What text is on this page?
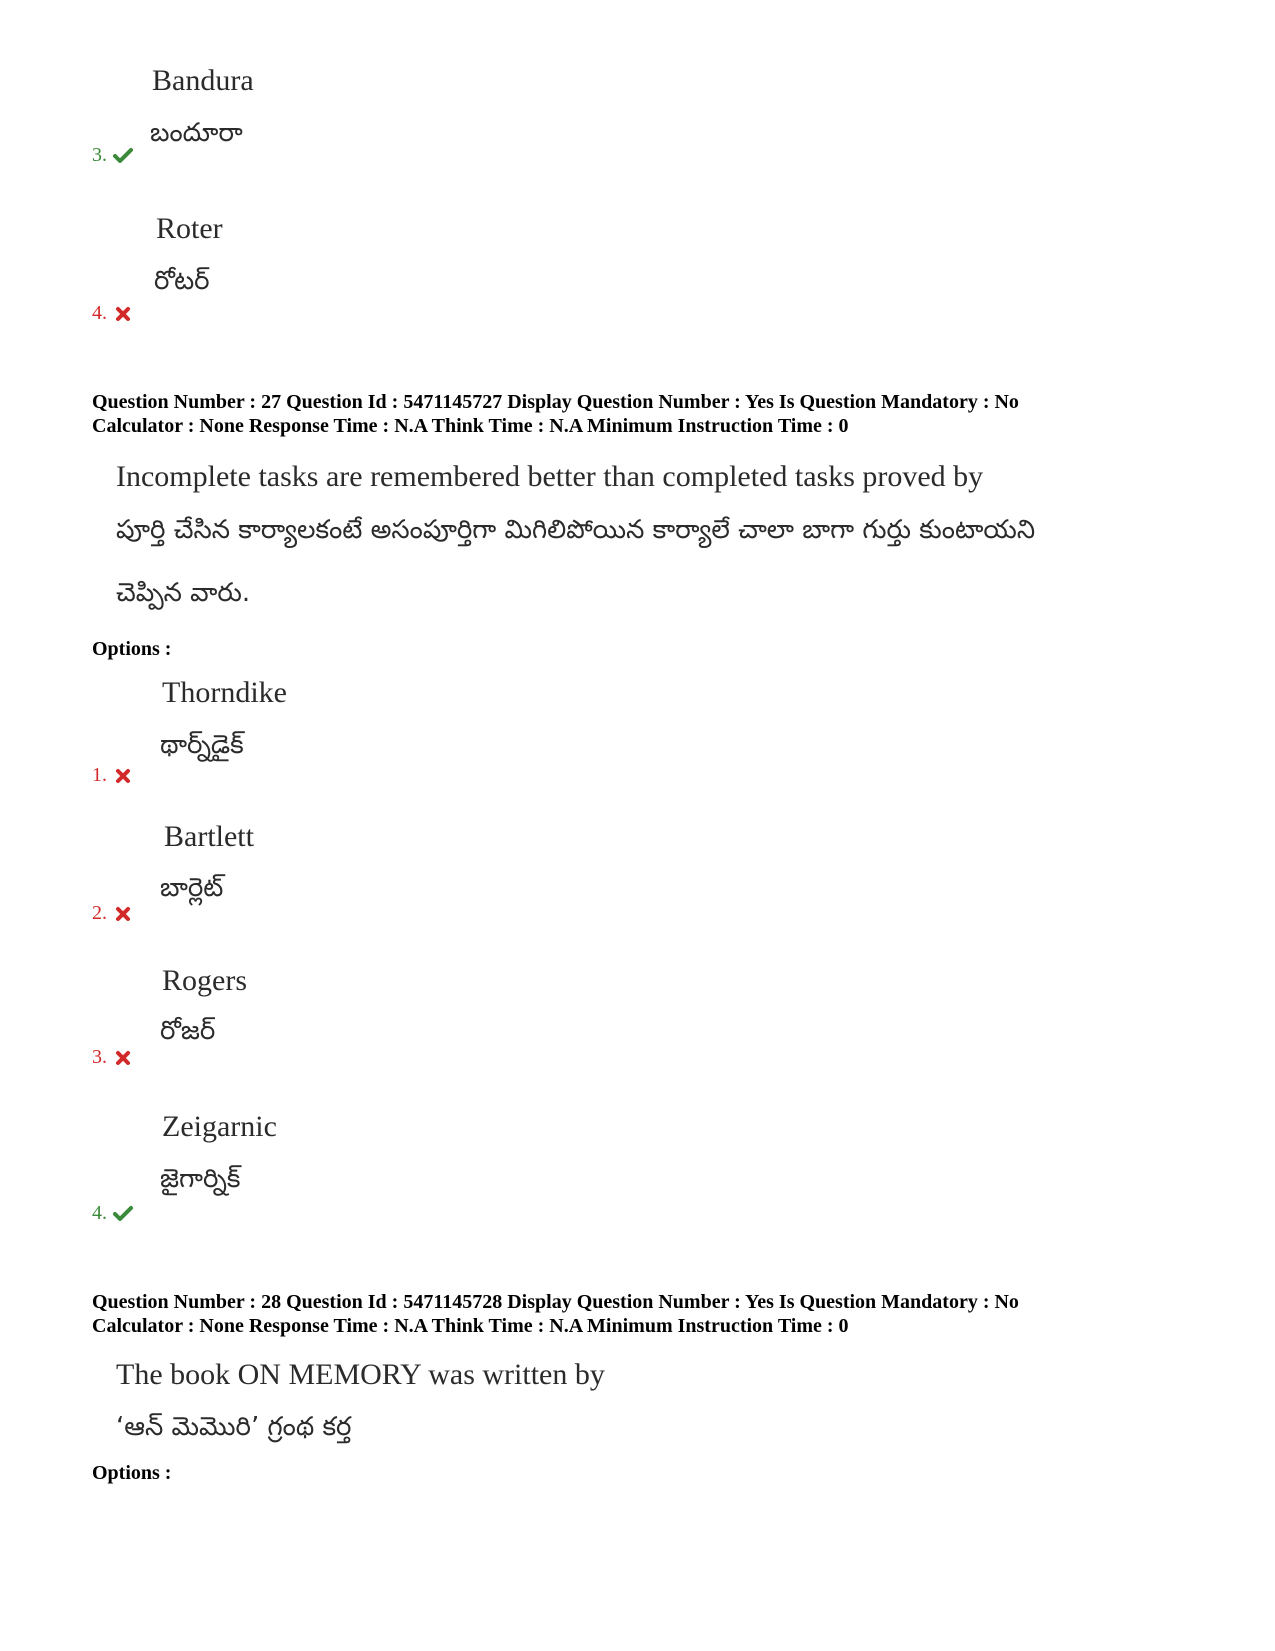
Bandura
బందూరా
3.
Roter
రోటర్
4.
Question Number : 27 Question Id : 5471145727 Display Question Number : Yes Is Question Mandatory : No
Calculator : None Response Time : N.A Think Time : N.A Minimum Instruction Time : 0
Incomplete tasks are remembered better than completed tasks proved by
పూర్తి చేసిన కార్యాలకంటే అసంపూర్తిగా మిగిలిపోయిన కార్యాలే చాలా బాగా గుర్తు కుంటాయని
చెప్పిన వారు.
Options :
Thorndike
థార్న్‌డైక్
1.
Bartlett
బార్లెట్
2.
Rogers
రోజర్
3.
Zeigarnic
జైగార్నిక్
4.
Question Number : 28 Question Id : 5471145728 Display Question Number : Yes Is Question Mandatory : No
Calculator : None Response Time : N.A Think Time : N.A Minimum Instruction Time : 0
The book ON MEMORY was written by
‘ఆన్ మెమొరి’ గ్రంథ కర్త
Options :
